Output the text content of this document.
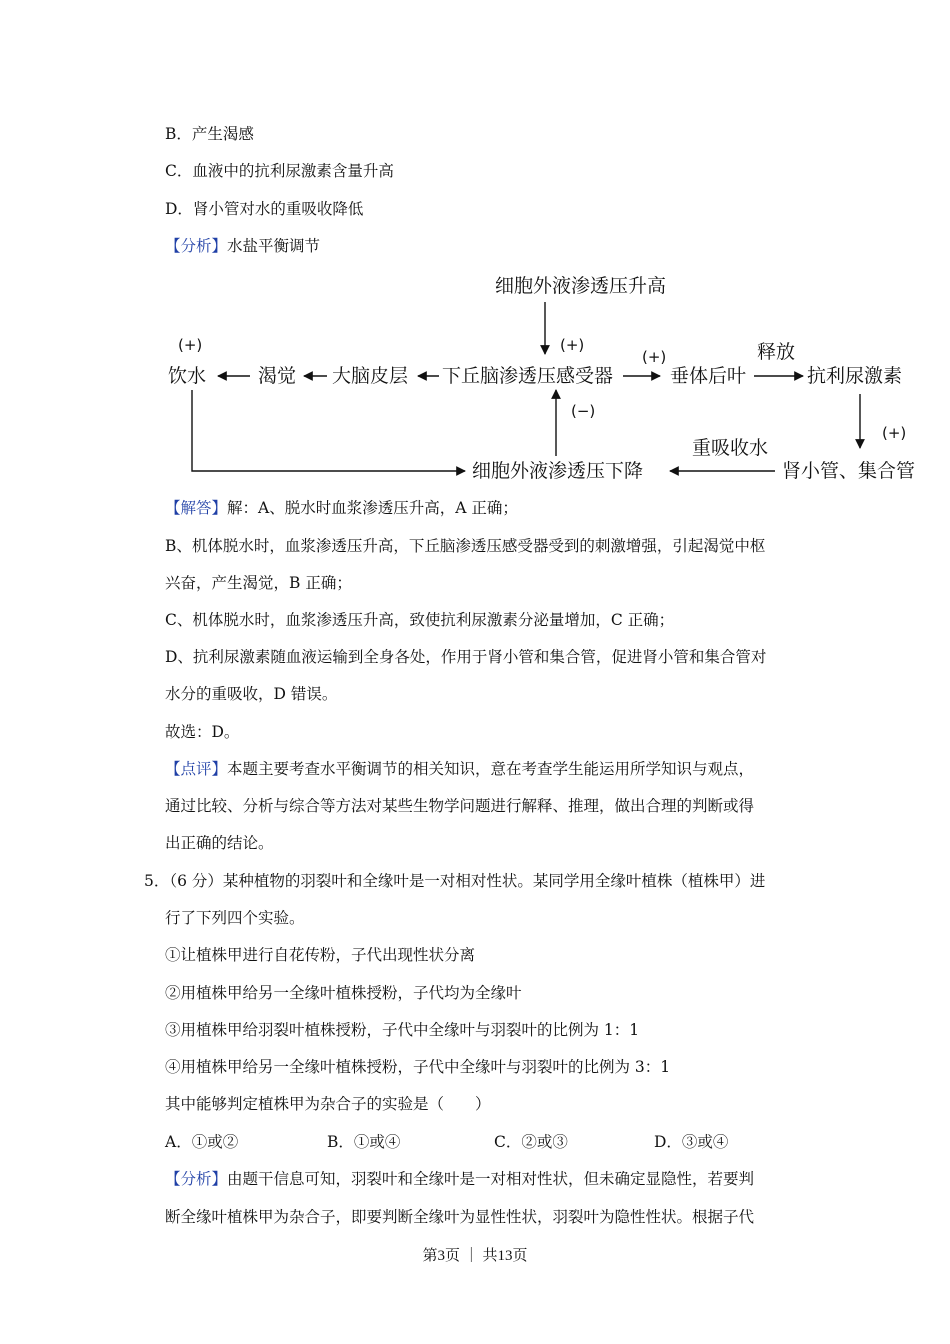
B．产生渴感
C．血液中的抗利尿激素含量升高
D．肾小管对水的重吸收降低
【分析】水盐平衡调节
细胞外液渗透压升高
饮水	渴觉 大脑皮层 下丘脑渗透压感受器	垂体后叶	抗利尿激素
细胞外液渗透压下降	肾小管、集合管
释放
重吸收水
(+)	(+)
(+)
(−)
(+)
【解答】解：A、脱水时血浆渗透压升高，A 正确；
B、机体脱水时，血浆渗透压升高，下丘脑渗透压感受器受到的刺激增强，引起渴觉中枢
兴奋，产生渴觉，B 正确；
C、机体脱水时，血浆渗透压升高，致使抗利尿激素分泌量增加，C 正确；
D、抗利尿激素随血液运输到全身各处，作用于肾小管和集合管，促进肾小管和集合管对
水分的重吸收，D 错误。
故选：D。
【点评】本题主要考查水平衡调节的相关知识，意在考查学生能运用所学知识与观点，
通过比较、分析与综合等方法对某些生物学问题进行解释、推理，做出合理的判断或得
出正确的结论。
5．（6 分）某种植物的羽裂叶和全缘叶是一对相对性状。某同学用全缘叶植株（植株甲）进
行了下列四个实验。
①让植株甲进行自花传粉，子代出现性状分离
②用植株甲给另一全缘叶植株授粉，子代均为全缘叶
③用植株甲给羽裂叶植株授粉，子代中全缘叶与羽裂叶的比例为 1：1
④用植株甲给另一全缘叶植株授粉，子代中全缘叶与羽裂叶的比例为 3：1
其中能够判定植株甲为杂合子的实验是（　　）
A．①或②	B．①或④	C．②或③	D．③或④
【分析】由题干信息可知，羽裂叶和全缘叶是一对相对性状，但未确定显隐性，若要判
断全缘叶植株甲为杂合子，即要判断全缘叶为显性性状，羽裂叶为隐性性状。根据子代
第3页 ｜ 共13页
